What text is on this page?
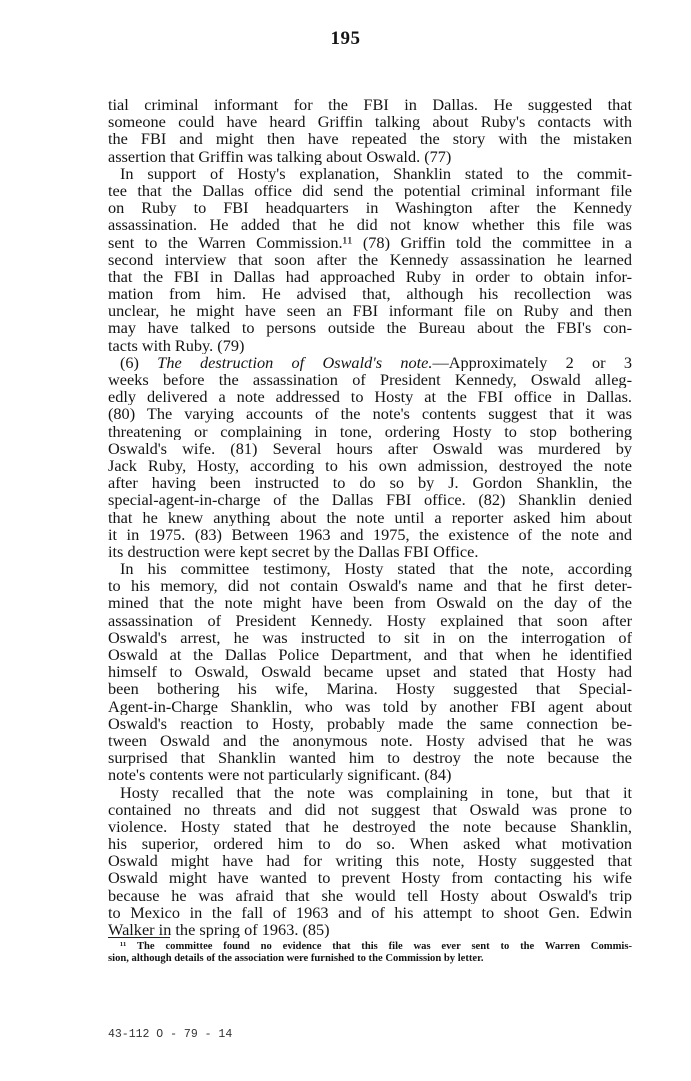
195
tial criminal informant for the FBI in Dallas. He suggested that
someone could have heard Griffin talking about Ruby's contacts with
the FBI and might then have repeated the story with the mistaken
assertion that Griffin was talking about Oswald. (77)
In support of Hosty's explanation, Shanklin stated to the commit-
tee that the Dallas office did send the potential criminal informant file
on Ruby to FBI headquarters in Washington after the Kennedy
assassination. He added that he did not know whether this file was
sent to the Warren Commission.¹¹ (78) Griffin told the committee in a
second interview that soon after the Kennedy assassination he learned
that the FBI in Dallas had approached Ruby in order to obtain infor-
mation from him. He advised that, although his recollection was
unclear, he might have seen an FBI informant file on Ruby and then
may have talked to persons outside the Bureau about the FBI's con-
tacts with Ruby. (79)
(6) The destruction of Oswald's note.—Approximately 2 or 3
weeks before the assassination of President Kennedy, Oswald alleg-
edly delivered a note addressed to Hosty at the FBI office in Dallas.
(80) The varying accounts of the note's contents suggest that it was
threatening or complaining in tone, ordering Hosty to stop bothering
Oswald's wife. (81) Several hours after Oswald was murdered by
Jack Ruby, Hosty, according to his own admission, destroyed the note
after having been instructed to do so by J. Gordon Shanklin, the
special-agent-in-charge of the Dallas FBI office. (82) Shanklin denied
that he knew anything about the note until a reporter asked him about
it in 1975. (83) Between 1963 and 1975, the existence of the note and
its destruction were kept secret by the Dallas FBI Office.
In his committee testimony, Hosty stated that the note, according
to his memory, did not contain Oswald's name and that he first deter-
mined that the note might have been from Oswald on the day of the
assassination of President Kennedy. Hosty explained that soon after
Oswald's arrest, he was instructed to sit in on the interrogation of
Oswald at the Dallas Police Department, and that when he identified
himself to Oswald, Oswald became upset and stated that Hosty had
been bothering his wife, Marina. Hosty suggested that Special-
Agent-in-Charge Shanklin, who was told by another FBI agent about
Oswald's reaction to Hosty, probably made the same connection be-
tween Oswald and the anonymous note. Hosty advised that he was
surprised that Shanklin wanted him to destroy the note because the
note's contents were not particularly significant. (84)
Hosty recalled that the note was complaining in tone, but that it
contained no threats and did not suggest that Oswald was prone to
violence. Hosty stated that he destroyed the note because Shanklin,
his superior, ordered him to do so. When asked what motivation
Oswald might have had for writing this note, Hosty suggested that
Oswald might have wanted to prevent Hosty from contacting his wife
because he was afraid that she would tell Hosty about Oswald's trip
to Mexico in the fall of 1963 and of his attempt to shoot Gen. Edwin
Walker in the spring of 1963. (85)
¹¹ The committee found no evidence that this file was ever sent to the Warren Commis-
sion, although details of the association were furnished to the Commission by letter.
43-112 O - 79 - 14
